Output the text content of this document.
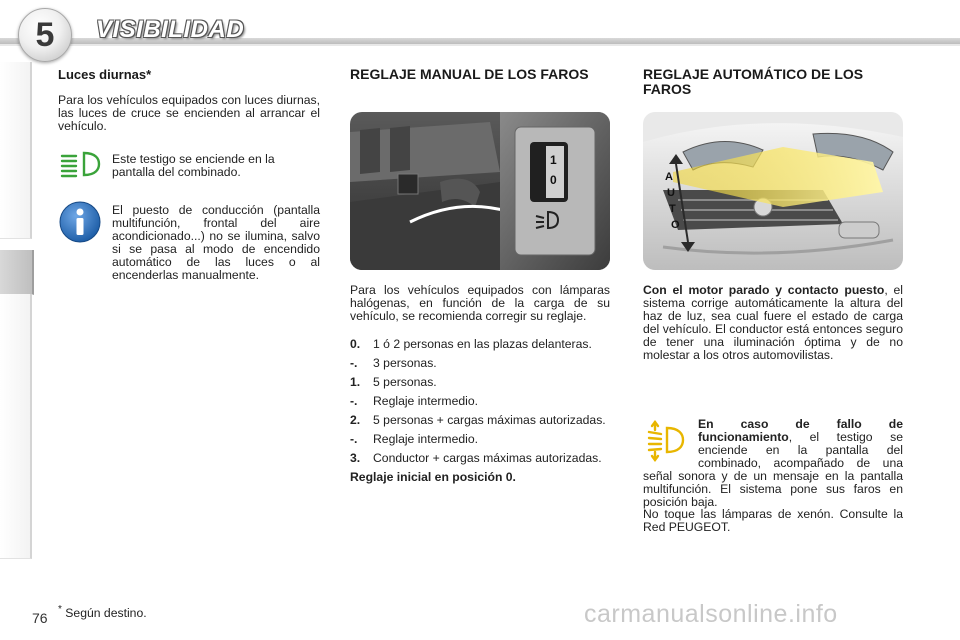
5 VISIBILIDAD
Luces diurnas*
Para los vehículos equipados con luces diurnas, las luces de cruce se encienden al arrancar el vehículo.
Este testigo se enciende en la pantalla del combinado.
El puesto de conducción (pantalla multifunción, frontal del aire acondicionado...) no se ilumina, salvo si se pasa al modo de encendido automático de las luces o al encenderlas manualmente.
REGLAJE MANUAL DE LOS FAROS
1
0
Para los vehículos equipados con lámparas halógenas, en función de la carga de su vehículo, se recomienda corregir su reglaje.
0.	1 ó 2 personas en las plazas delanteras.
-.	3 personas.
1.	5 personas.
-.	Reglaje intermedio.
2.	5 personas + cargas máximas autorizadas.
-.	Reglaje intermedio.
3.	Conductor + cargas máximas autorizadas.
Reglaje inicial en posición 0.
REGLAJE AUTOMÁTICO DE LOS FAROS
A
U T O
Con el motor parado y contacto puesto, el sistema corrige automáticamente la altura del haz de luz, sea cual fuere el estado de carga del vehículo. El conductor está entonces seguro de tener una iluminación óptima y de no molestar a los otros automovilistas.
En caso de fallo de funcionamiento, el testigo se enciende en la pantalla del combinado, acompañado de una señal sonora y de un mensaje en la pantalla multifunción. El sistema pone sus faros en posición baja.
No toque las lámparas de xenón. Consulte la Red PEUGEOT.
76
* Según destino.	carmanualsonline.info
